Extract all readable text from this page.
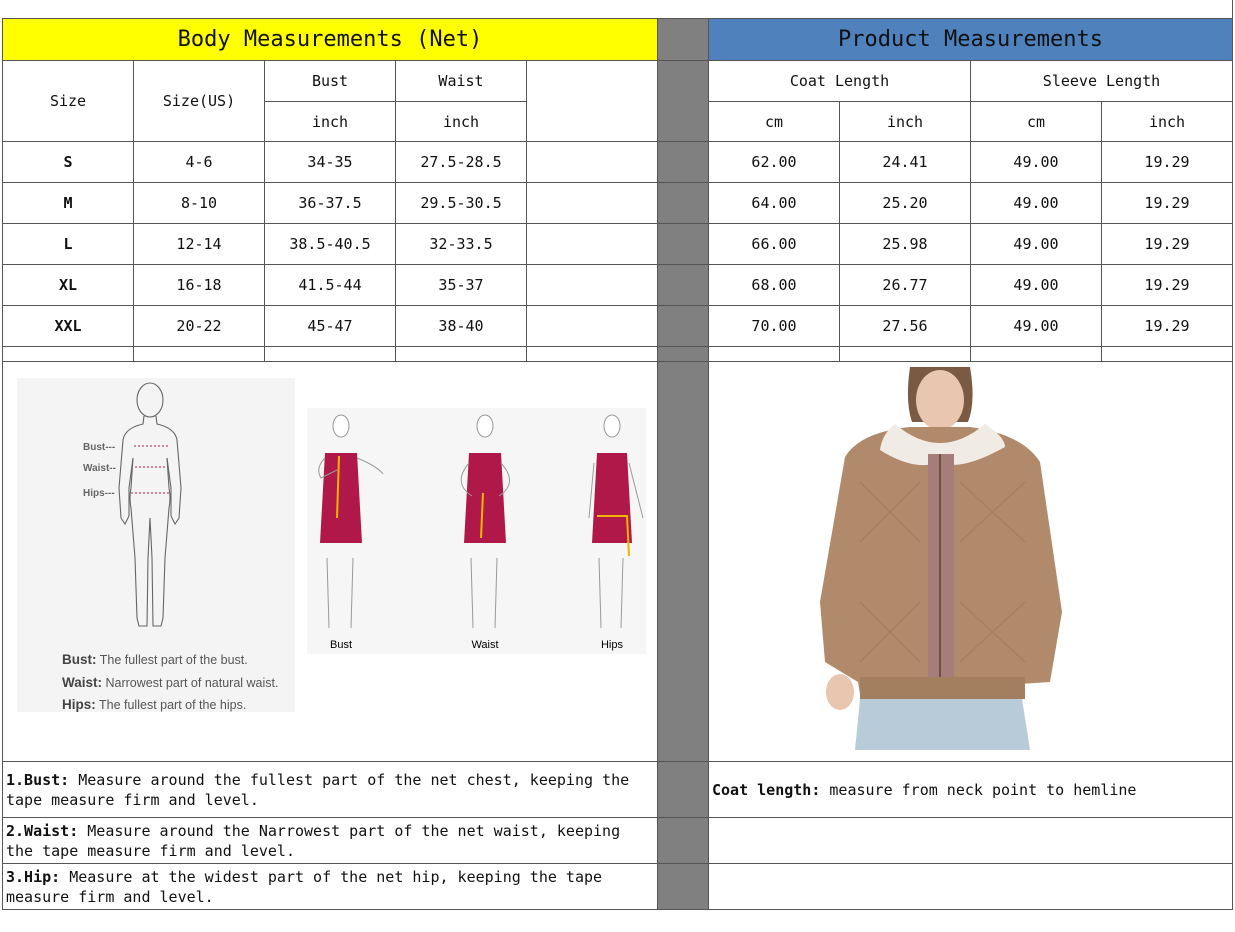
Body Measurements (Net)	Product Measurements
Size	Size(US)
Bust	Waist
inch	inch
Coat Length	Sleeve Length
cm	inch	cm	inch
S	4-6	34-35	27.5-28.5	62.00	24.41	49.00	19.29
M	8-10	36-37.5	29.5-30.5	64.00	25.20	49.00	19.29
L	12-14	38.5-40.5	32-33.5	66.00	25.98	49.00	19.29
XL	16-18	41.5-44	35-37	68.00	26.77	49.00	19.29
XXL	20-22	45-47	38-40	70.00	27.56	49.00	19.29
Bust---
Waist--
Hips---
Bust: The fullest part of the bust.
Waist: Narrowest part of natural waist.
Hips: The fullest part of the hips.
Bust	Waist	Hips
1.Bust: Measure around the fullest part of the net chest, keeping the tape measure firm and level.
2.Waist: Measure around the Narrowest part of the net waist, keeping the tape measure firm and level.
3.Hip: Measure at the widest part of the net hip, keeping the tape measure firm and level.
Coat length: measure from neck point to hemline
